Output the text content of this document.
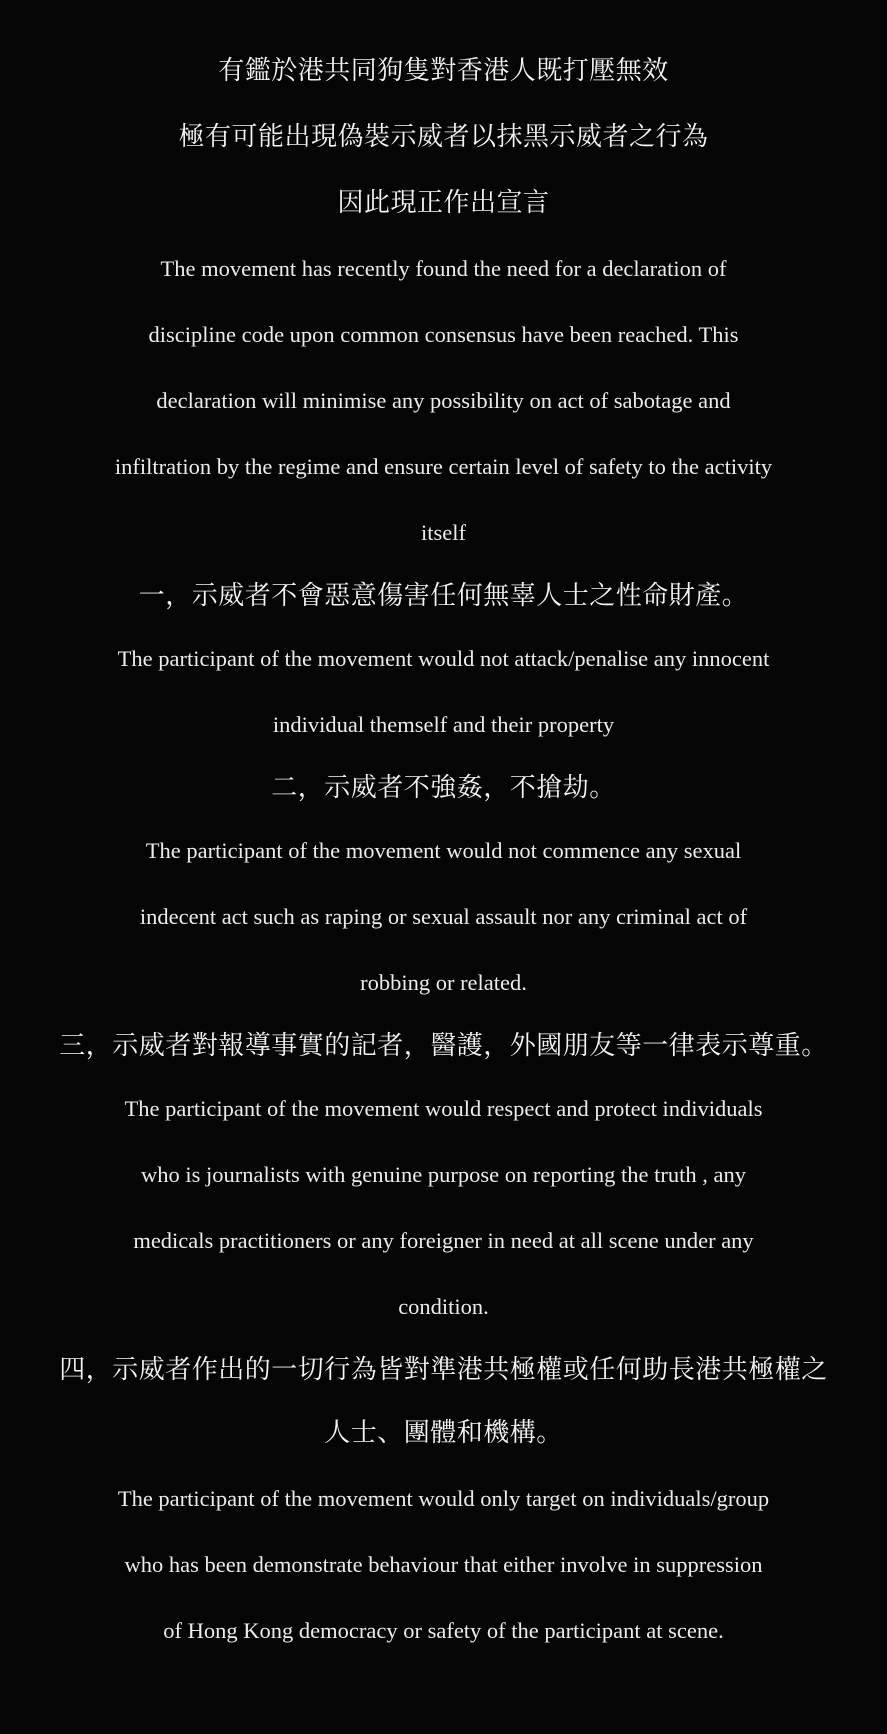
有鑑於港共同狗隻對香港人既打壓無效

極有可能出現偽裝示威者以抹黑示威者之行為

因此現正作出宣言

The movement has recently found the need for a declaration of

discipline code upon common consensus have been reached. This

declaration will minimise any possibility on act of sabotage and

infiltration by the regime and ensure certain level of safety to the activity

itself

一，示威者不會惡意傷害任何無辜人士之性命財產。

The participant of the movement would not attack/penalise any innocent

individual themself and their property

二，示威者不強姦，不搶劫。

The participant of the movement would not commence any sexual

indecent act such as raping or sexual assault nor any criminal act of

robbing or related.

三，示威者對報導事實的記者，醫護，外國朋友等一律表示尊重。

The participant of the movement would respect and protect individuals

who is journalists with genuine purpose on reporting the truth , any

medicals practitioners or any foreigner in need at all scene under any

condition.

四，示威者作出的一切行為皆對準港共極權或任何助長港共極權之

人士、團體和機構。

The participant of the movement would only target on individuals/group

who has been demonstrate behaviour that either involve in suppression

of Hong Kong democracy or safety of the participant at scene.
